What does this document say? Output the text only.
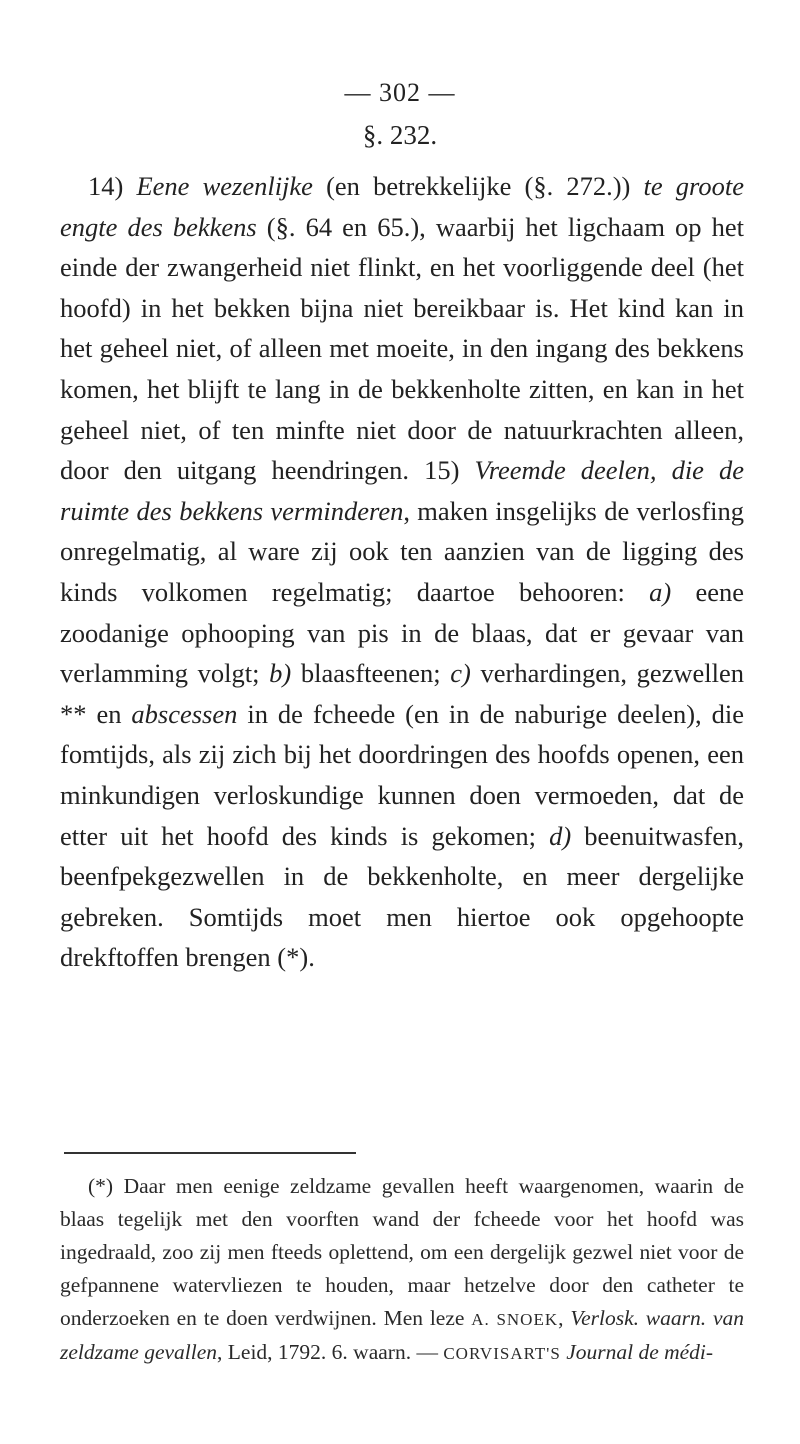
— 302 —
§. 232.

14) Eene wezenlijke (en betrekkelijke (§. 272.)) te groote engte des bekkens (§. 64 en 65.), waarbij het ligchaam op het einde der zwangerheid niet flinkt, en het voorliggende deel (het hoofd) in het bekken bijna niet bereikbaar is. Het kind kan in het geheel niet, of alleen met moeite, in den ingang des bekkens komen, het blijft te lang in de bekkenholte zitten, en kan in het geheel niet, of ten minfte niet door de natuurkrachten alleen, door den uitgang heendringen. 15) Vreemde deelen, die de ruimte des bekkens verminderen, maken insgelijks de verlosfing onregelmatig, al ware zij ook ten aanzien van de ligging des kinds volkomen regelmatig; daartoe behooren: a) eene zoodanige ophooping van pis in de blaas, dat er gevaar van verlamming volgt; b) blaasfteenen; c) verhardingen, gezwellen ** en abscessen in de fcheede (en in de naburige deelen), die fomtijds, als zij zich bij het doordringen des hoofds openen, een minkundigen verloskundige kunnen doen vermoeden, dat de etter uit het hoofd des kinds is gekomen; d) beenuitwasfen, beenfpekgezwellen in de bekkenholte, en meer dergelijke gebreken. Somtijds moet men hiertoe ook opgehoopte drekftoffen brengen (*).

(*) Daar men eenige zeldzame gevallen heeft waargenomen, waarin de blaas tegelijk met den voorften wand der fcheede voor het hoofd was ingedraald, zoo zij men fteeds oplettend, om een dergelijk gezwel niet voor de gefpannene watervliezen te houden, maar hetzelve door den catheter te onderzoeken en te doen verdwijnen. Men leze A. SNOEK, Verlosk. waarn. van zeldzame gevallen, Leid, 1792. 6. waarn. — CORVISART'S Journal de médi-
